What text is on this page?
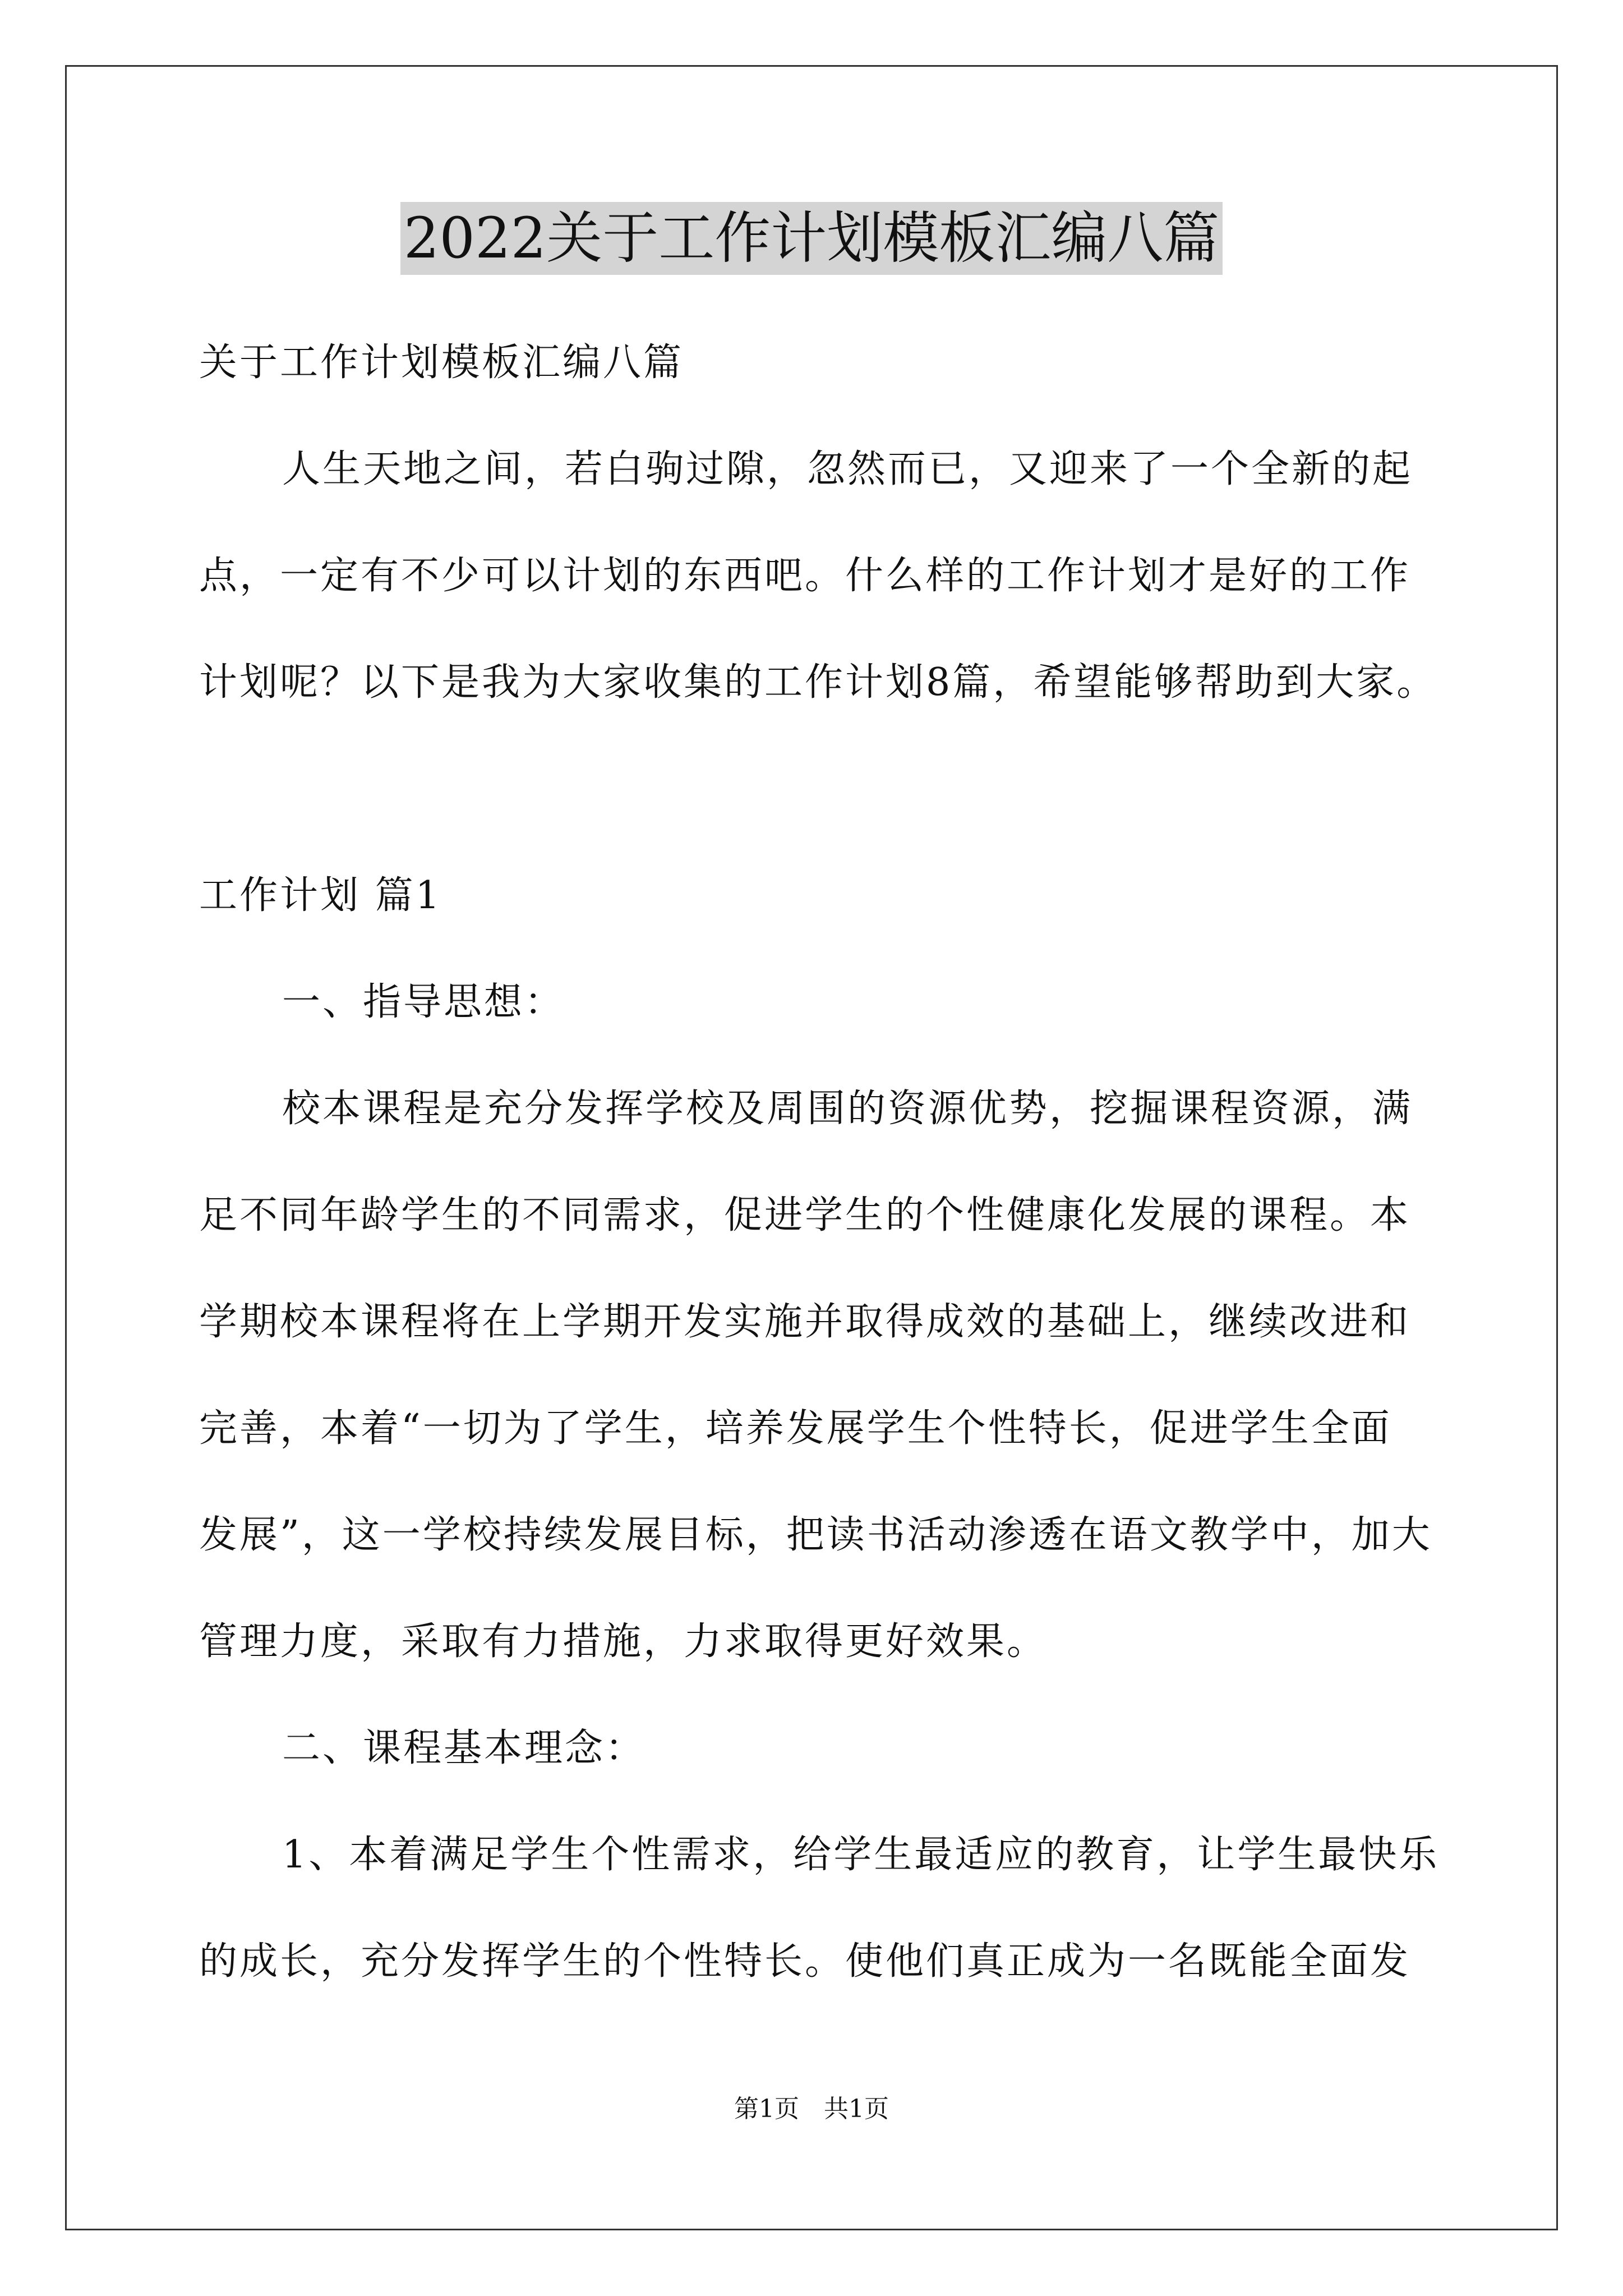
2022关于工作计划模板汇编八篇
关于工作计划模板汇编八篇
人生天地之间，若白驹过隙，忽然而已，又迎来了一个全新的起
点，一定有不少可以计划的东西吧。什么样的工作计划才是好的工作
计划呢？以下是我为大家收集的工作计划8篇，希望能够帮助到大家。
工作计划 篇1
一、指导思想：
校本课程是充分发挥学校及周围的资源优势，挖掘课程资源，满
足不同年龄学生的不同需求，促进学生的个性健康化发展的课程。本
学期校本课程将在上学期开发实施并取得成效的基础上，继续改进和
完善，本着“一切为了学生，培养发展学生个性特长，促进学生全面
发展”，这一学校持续发展目标，把读书活动渗透在语文教学中，加大
管理力度，采取有力措施，力求取得更好效果。
二、课程基本理念：
1、本着满足学生个性需求，给学生最适应的教育，让学生最快乐
的成长，充分发挥学生的个性特长。使他们真正成为一名既能全面发
第1页　共1页
